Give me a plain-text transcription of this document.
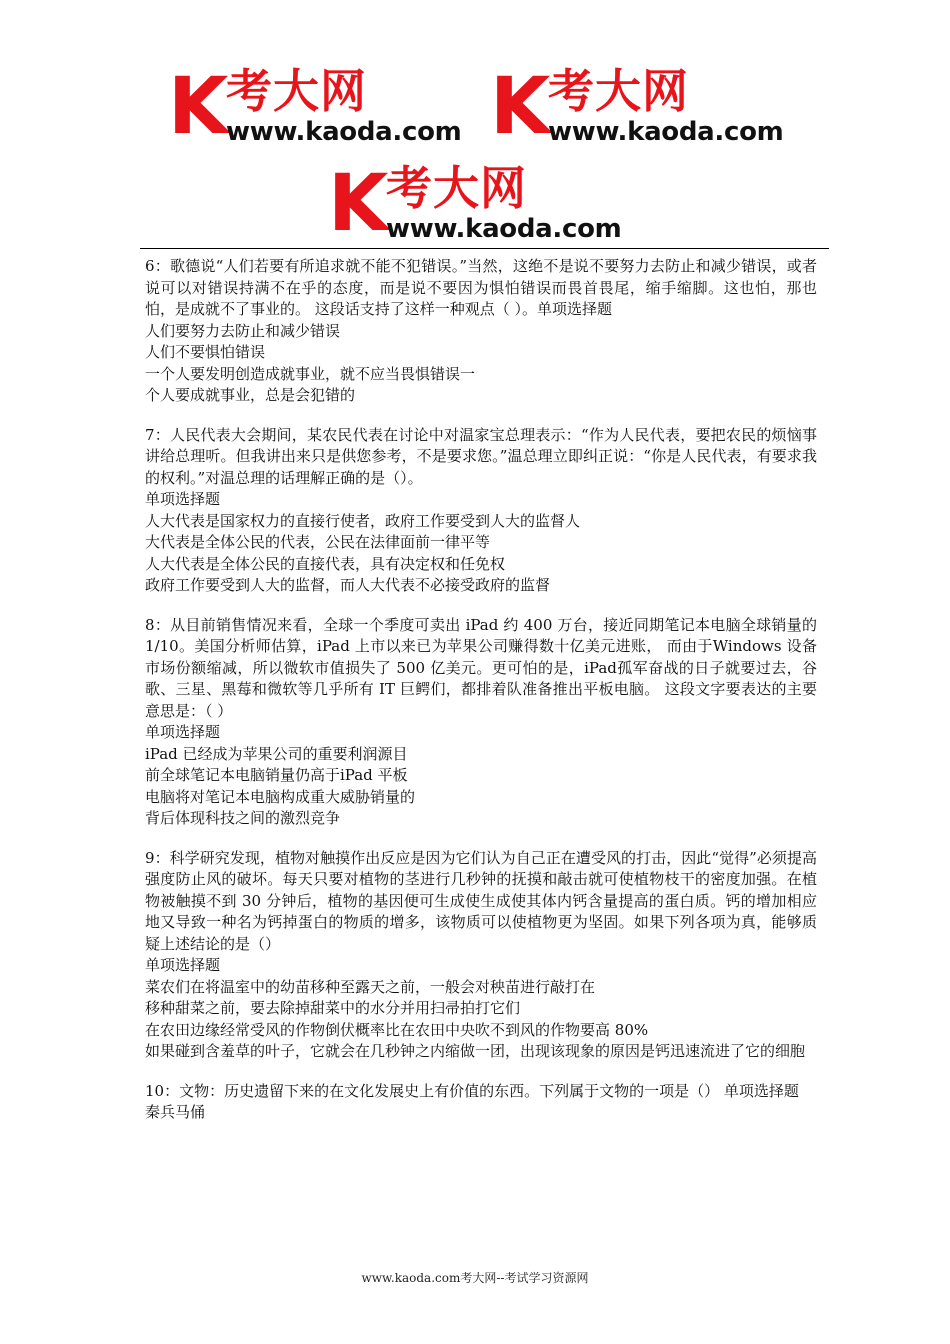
K 考大网
www.kaoda.com K 考大网
www.kaoda.com
K 考大网
www.kaoda.com

6：歌德说“人们若要有所追求就不能不犯错误。”当然，这绝不是说不要努力去防止和减少错误，或者说可以对错误持满不在乎的态度，而是说不要因为惧怕错误而畏首畏尾，缩手缩脚。这也怕，那也怕，是成就不了事业的。 这段话支持了这样一种观点（ ）。单项选择题

人们要努力去防止和减少错误

人们不要惧怕错误

一个人要发明创造成就事业，就不应当畏惧错误一

个人要成就事业，总是会犯错的

7：人民代表大会期间，某农民代表在讨论中对温家宝总理表示：“作为人民代表，要把农民的烦恼事讲给总理听。但我讲出来只是供您参考，不是要求您。”温总理立即纠正说：“你是人民代表，有要求我的权利。”对温总理的话理解正确的是（）。

单项选择题

人大代表是国家权力的直接行使者，政府工作要受到人大的监督人

大代表是全体公民的代表，公民在法律面前一律平等

人大代表是全体公民的直接代表，具有决定权和任免权

政府工作要受到人大的监督，而人大代表不必接受政府的监督

8：从目前销售情况来看，全球一个季度可卖出 iPad 约 400 万台，接近同期笔记本电脑全球销量的 1/10。美国分析师估算，iPad 上市以来已为苹果公司赚得数十亿美元进账， 而由于Windows 设备市场份额缩减，所以微软市值损失了 500 亿美元。更可怕的是，iPad孤军奋战的日子就要过去，谷歌、三星、黑莓和微软等几乎所有 IT 巨鳄们，都排着队准备推出平板电脑。 这段文字要表达的主要意思是：（ ）

单项选择题

iPad 已经成为苹果公司的重要利润源目

前全球笔记本电脑销量仍高于iPad 平板

电脑将对笔记本电脑构成重大威胁销量的

背后体现科技之间的激烈竞争

9：科学研究发现，植物对触摸作出反应是因为它们认为自己正在遭受风的打击，因此“觉得”必须提高强度防止风的破坏。每天只要对植物的茎进行几秒钟的抚摸和敲击就可使植物枝干的密度加强。在植物被触摸不到 30 分钟后，植物的基因便可生成使生成使其体内钙含量提高的蛋白质。钙的增加相应地又导致一种名为钙掉蛋白的物质的增多，该物质可以使植物更为坚固。如果下列各项为真，能够质疑上述结论的是（）

单项选择题

菜农们在将温室中的幼苗移种至露天之前，一般会对秧苗进行敲打在

移种甜菜之前，要去除掉甜菜中的水分并用扫帚拍打它们

在农田边缘经常受风的作物倒伏概率比在农田中央吹不到风的作物要高 80%

如果碰到含羞草的叶子，它就会在几秒钟之内缩做一团，出现该现象的原因是钙迅速流进了它的细胞

10：文物：历史遗留下来的在文化发展史上有价值的东西。下列属于文物的一项是（） 单项选择题

秦兵马俑

www.kaoda.com考大网--考试学习资源网
